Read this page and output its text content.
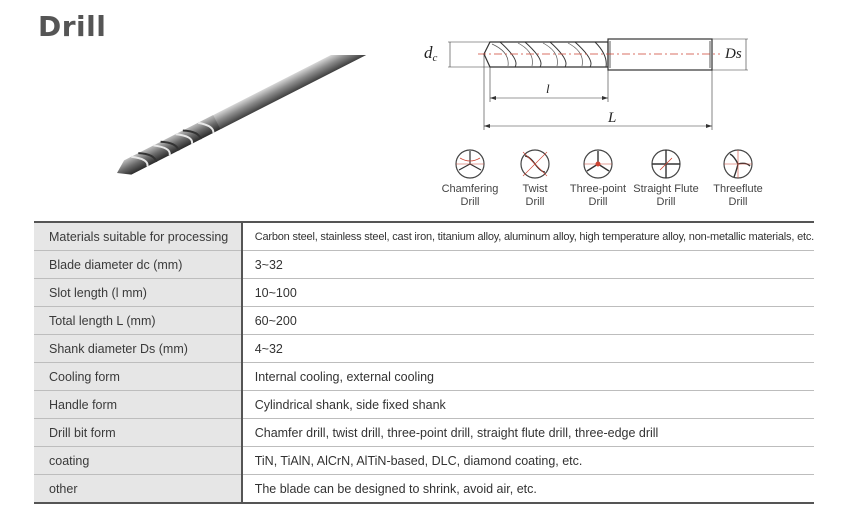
Drill
dc	Ds
l
L
Chamfering
Drill
Twist
Drill
Three-point
Drill
Straight Flute
Drill
Threeflute
Drill
Materials suitable for processing	Carbon steel, stainless steel, cast iron, titanium alloy, aluminum alloy, high temperature alloy, non-metallic materials, etc.
Blade diameter dc (mm)	3~32
Slot length (l mm)	10~100
Total length L (mm)	60~200
Shank diameter Ds (mm)	4~32
Cooling form	Internal cooling, external cooling
Handle form	Cylindrical shank, side fixed shank
Drill bit form	Chamfer drill, twist drill, three-point drill, straight flute drill, three-edge drill
coating	TiN, TiAlN, AlCrN, AlTiN-based, DLC, diamond coating, etc.
other	The blade can be designed to shrink, avoid air, etc.
